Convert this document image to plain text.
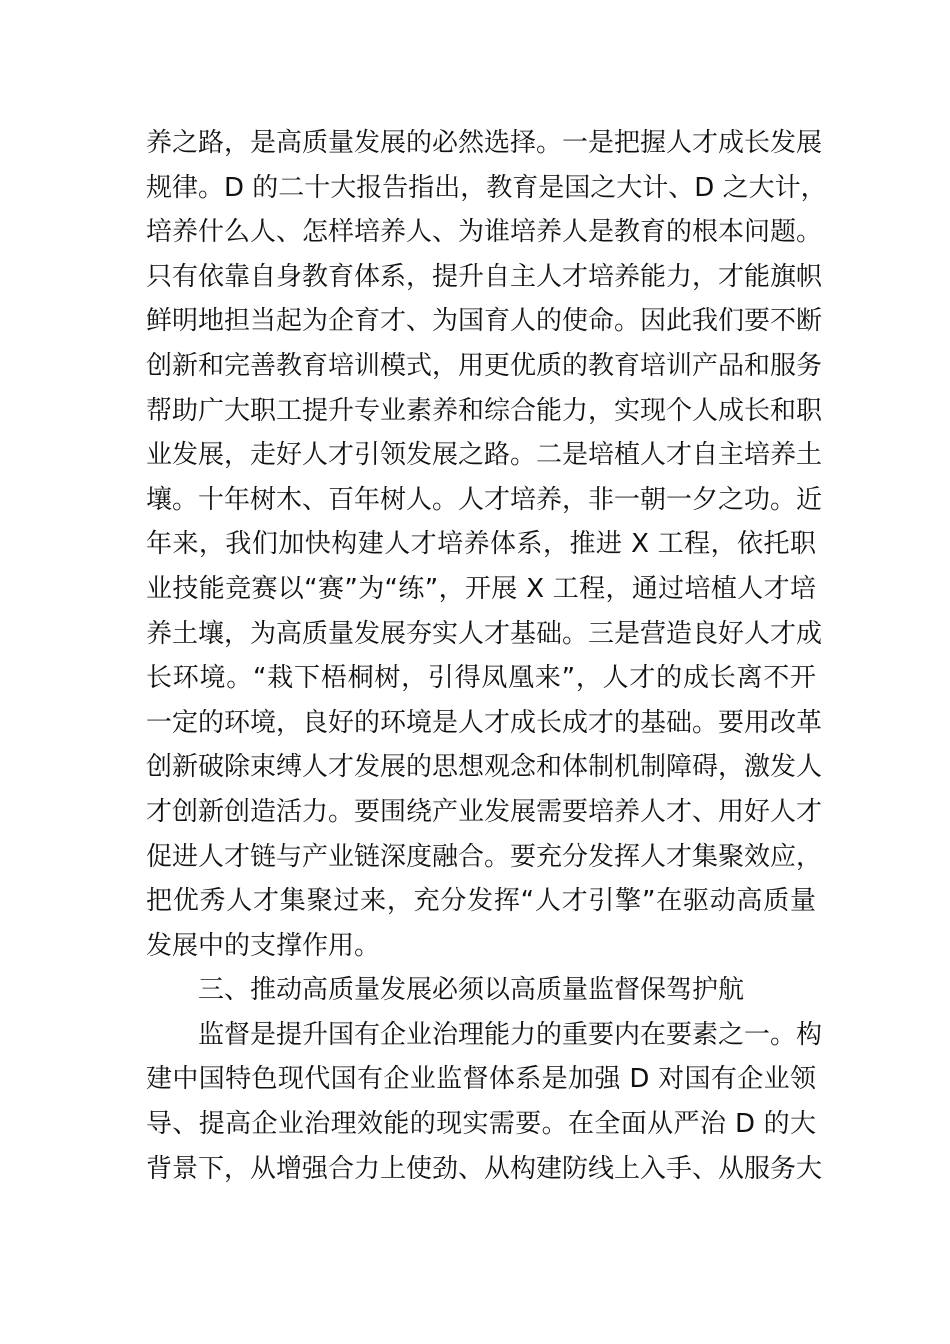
养之路，是高质量发展的必然选择。一是把握人才成长发展
规律。D 的二十大报告指出，教育是国之大计、D 之大计，
培养什么人、怎样培养人、为谁培养人是教育的根本问题。
只有依靠自身教育体系，提升自主人才培养能力，才能旗帜
鲜明地担当起为企育才、为国育人的使命。因此我们要不断
创新和完善教育培训模式，用更优质的教育培训产品和服务
帮助广大职工提升专业素养和综合能力，实现个人成长和职
业发展，走好人才引领发展之路。二是培植人才自主培养土
壤。十年树木、百年树人。人才培养，非一朝一夕之功。近
年来，我们加快构建人才培养体系，推进 X 工程，依托职
业技能竞赛以“赛”为“练”，开展 X 工程，通过培植人才培
养土壤，为高质量发展夯实人才基础。三是营造良好人才成
长环境。“栽下梧桐树，引得凤凰来”，人才的成长离不开
一定的环境，良好的环境是人才成长成才的基础。要用改革
创新破除束缚人才发展的思想观念和体制机制障碍，激发人
才创新创造活力。要围绕产业发展需要培养人才、用好人才
促进人才链与产业链深度融合。要充分发挥人才集聚效应，
把优秀人才集聚过来，充分发挥“人才引擎”在驱动高质量
发展中的支撑作用。
三、推动高质量发展必须以高质量监督保驾护航
监督是提升国有企业治理能力的重要内在要素之一。构
建中国特色现代国有企业监督体系是加强 D 对国有企业领
导、提高企业治理效能的现实需要。在全面从严治 D 的大
背景下，从增强合力上使劲、从构建防线上入手、从服务大
